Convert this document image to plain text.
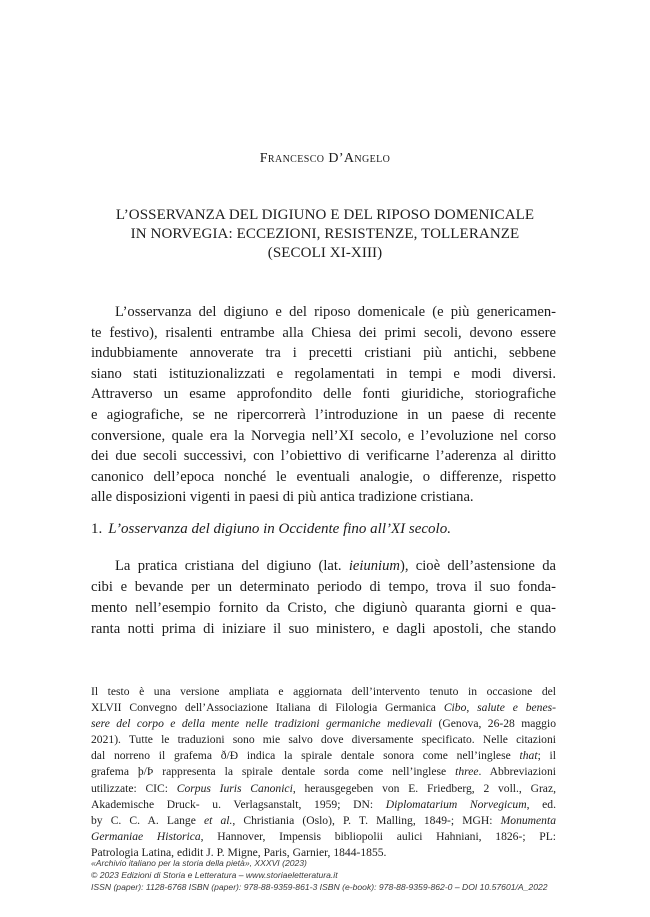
Francesco D’Angelo
L’OSSERVANZA DEL DIGIUNO E DEL RIPOSO DOMENICALE
IN NORVEGIA: ECCEZIONI, RESISTENZE, TOLLERANZE
(SECOLI XI-XIII)
L’osservanza del digiuno e del riposo domenicale (e più genericamen-
te festivo), risalenti entrambe alla Chiesa dei primi secoli, devono essere
indubbiamente annoverate tra i precetti cristiani più antichi, sebbene
siano stati istituzionalizzati e regolamentati in tempi e modi diversi.
Attraverso un esame approfondito delle fonti giuridiche, storiografiche
e agiografiche, se ne ripercorrerà l’introduzione in un paese di recente
conversione, quale era la Norvegia nell’XI secolo, e l’evoluzione nel corso
dei due secoli successivi, con l’obiettivo di verificarne l’aderenza al diritto
canonico dell’epoca nonché le eventuali analogie, o differenze, rispetto
alle disposizioni vigenti in paesi di più antica tradizione cristiana.
1. L’osservanza del digiuno in Occidente fino all’XI secolo.
La pratica cristiana del digiuno (lat. ieiunium), cioè dell’astensione da
cibi e bevande per un determinato periodo di tempo, trova il suo fonda-
mento nell’esempio fornito da Cristo, che digiunò quaranta giorni e qua-
ranta notti prima di iniziare il suo ministero, e dagli apostoli, che stando
Il testo è una versione ampliata e aggiornata dell’intervento tenuto in occasione del
XLVII Convegno dell’Associazione Italiana di Filologia Germanica Cibo, salute e benes-
sere del corpo e della mente nelle tradizioni germaniche medievali (Genova, 26-28 maggio
2021). Tutte le traduzioni sono mie salvo dove diversamente specificato. Nelle citazioni
dal norreno il grafema ð/Ð indica la spirale dentale sonora come nell’inglese that; il
grafema þ/Þ rappresenta la spirale dentale sorda come nell’inglese three. Abbreviazioni
utilizzate: CIC: Corpus Iuris Canonici, herausgegeben von E. Friedberg, 2 voll., Graz,
Akademische Druck- u. Verlagsanstalt, 1959; DN: Diplomatarium Norvegicum, ed.
by C. C. A. Lange et al., Christiania (Oslo), P. T. Malling, 1849-; MGH: Monumenta
Germaniae Historica, Hannover, Impensis bibliopolii aulici Hahniani, 1826-; PL:
Patrologia Latina, edidit J. P. Migne, Paris, Garnier, 1844-1855.
«Archivio italiano per la storia della pietà», XXXVI (2023)
© 2023 Edizioni di Storia e Letteratura – www.storiaeletteratura.it
ISSN (paper): 1128-6768 ISBN (paper): 978-88-9359-861-3 ISBN (e-book): 978-88-9359-862-0 – DOI 10.57601/A_2022
